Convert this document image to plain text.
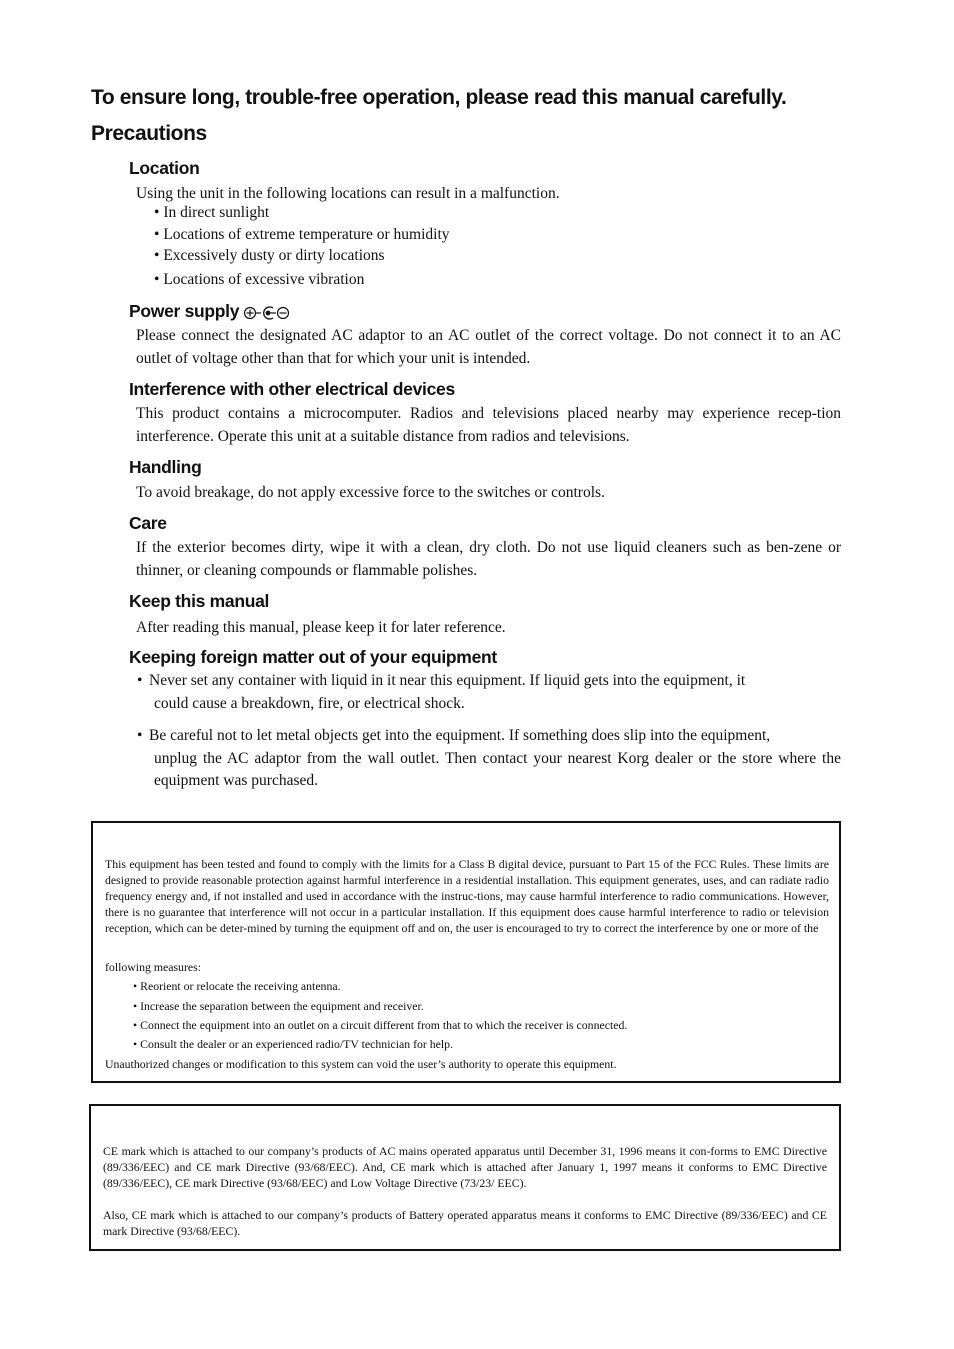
To ensure long, trouble-free operation, please read this manual carefully.
Precautions
Location
Using the unit in the following locations can result in a malfunction.
• In direct sunlight
• Locations of extreme temperature or humidity
• Excessively dusty or dirty locations
• Locations of excessive vibration
Power supply
Please connect the designated AC adaptor to an AC outlet of the correct voltage. Do not connect it to an AC outlet of voltage other than that for which your unit is intended.
Interference with other electrical devices
This product contains a microcomputer. Radios and televisions placed nearby may experience recep-tion interference. Operate this unit at a suitable distance from radios and televisions.
Handling
To avoid breakage, do not apply excessive force to the switches or controls.
Care
If the exterior becomes dirty, wipe it with a clean, dry cloth. Do not use liquid cleaners such as ben-zene or thinner, or cleaning compounds or flammable polishes.
Keep this manual
After reading this manual, please keep it for later reference.
Keeping foreign matter out of your equipment
• Never set any container with liquid in it near this equipment. If liquid gets into the equipment, it
could cause a breakdown, fire, or electrical shock.
• Be careful not to let metal objects get into the equipment. If something does slip into the equipment,
unplug the AC adaptor from the wall outlet. Then contact your nearest Korg dealer or the store where the equipment was purchased.
This equipment has been tested and found to comply with the limits for a Class B digital device, pursuant to Part 15 of the FCC Rules. These limits are designed to provide reasonable protection against harmful interference in a residential installation. This equipment generates, uses, and can radiate radio frequency energy and, if not installed and used in accordance with the instruc-tions, may cause harmful interference to radio communications. However, there is no guarantee that interference will not occur in a particular installation. If this equipment does cause harmful interference to radio or television reception, which can be deter-mined by turning the equipment off and on, the user is encouraged to try to correct the interference by one or more of the
following measures:
• Reorient or relocate the receiving antenna.
• Increase the separation between the equipment and receiver.
• Connect the equipment into an outlet on a circuit different from that to which the receiver is connected.
• Consult the dealer or an experienced radio/TV technician for help.
Unauthorized changes or modification to this system can void the user’s authority to operate this equipment.
CE mark which is attached to our company’s products of AC mains operated apparatus until December 31, 1996 means it con-forms to EMC Directive (89/336/EEC) and CE mark Directive (93/68/EEC). And, CE mark which is attached after January 1, 1997 means it conforms to EMC Directive (89/336/EEC), CE mark Directive (93/68/EEC) and Low Voltage Directive (73/23/ EEC).
Also, CE mark which is attached to our company’s products of Battery operated apparatus means it conforms to EMC Directive (89/336/EEC) and CE mark Directive (93/68/EEC).
